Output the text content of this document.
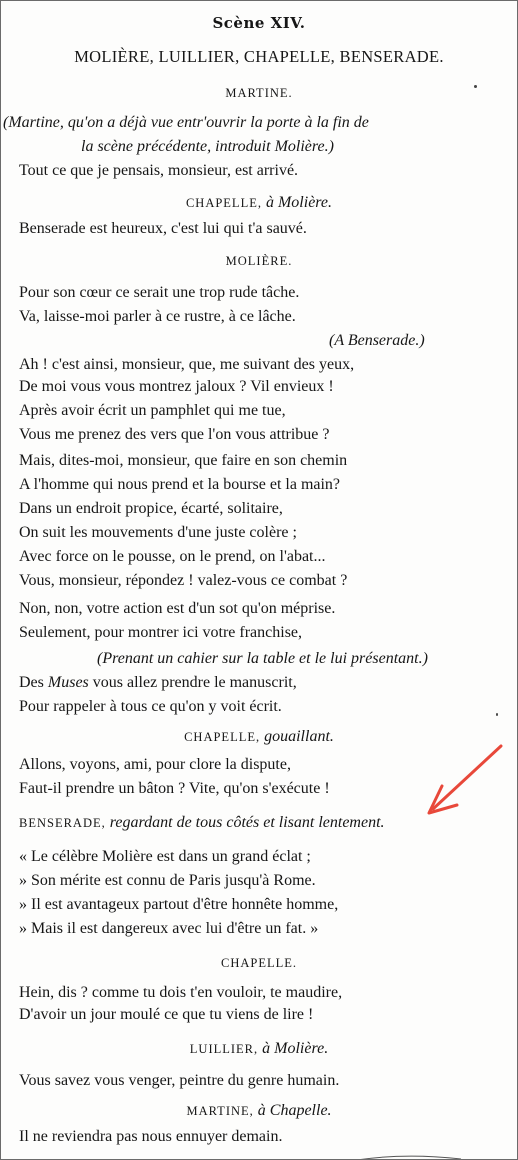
Scène XIV.
MOLIÈRE, LUILLIER, CHAPELLE, BENSERADE.
MARTINE.
(Martine, qu'on a déjà vue entr'ouvrir la porte à la fin de
la scène précédente, introduit Molière.)
Tout ce que je pensais, monsieur, est arrivé.
CHAPELLE, à Molière.
Benserade est heureux, c'est lui qui t'a sauvé.
MOLIÈRE.
Pour son cœur ce serait une trop rude tâche.
Va, laisse-moi parler à ce rustre, à ce lâche.
(A Benserade.)
Ah ! c'est ainsi, monsieur, que, me suivant des yeux,
De moi vous vous montrez jaloux ? Vil envieux !
Après avoir écrit un pamphlet qui me tue,
Vous me prenez des vers que l'on vous attribue ?
Mais, dites-moi, monsieur, que faire en son chemin
A l'homme qui nous prend et la bourse et la main?
Dans un endroit propice, écarté, solitaire,
On suit les mouvements d'une juste colère ;
Avec force on le pousse, on le prend, on l'abat...
Vous, monsieur, répondez ! valez-vous ce combat ?
Non, non, votre action est d'un sot qu'on méprise.
Seulement, pour montrer ici votre franchise,
(Prenant un cahier sur la table et le lui présentant.)
Des Muses vous allez prendre le manuscrit,
Pour rappeler à tous ce qu'on y voit écrit.
CHAPELLE, gouaillant.
Allons, voyons, ami, pour clore la dispute,
Faut-il prendre un bâton ? Vite, qu'on s'exécute !
BENSERADE, regardant de tous côtés et lisant lentement.
« Le célèbre Molière est dans un grand éclat ;
» Son mérite est connu de Paris jusqu'à Rome.
» Il est avantageux partout d'être honnête homme,
» Mais il est dangereux avec lui d'être un fat. »
CHAPELLE.
Hein, dis ? comme tu dois t'en vouloir, te maudire,
D'avoir un jour moulé ce que tu viens de lire !
LUILLIER, à Molière.
Vous savez vous venger, peintre du genre humain.
MARTINE, à Chapelle.
Il ne reviendra pas nous ennuyer demain.
